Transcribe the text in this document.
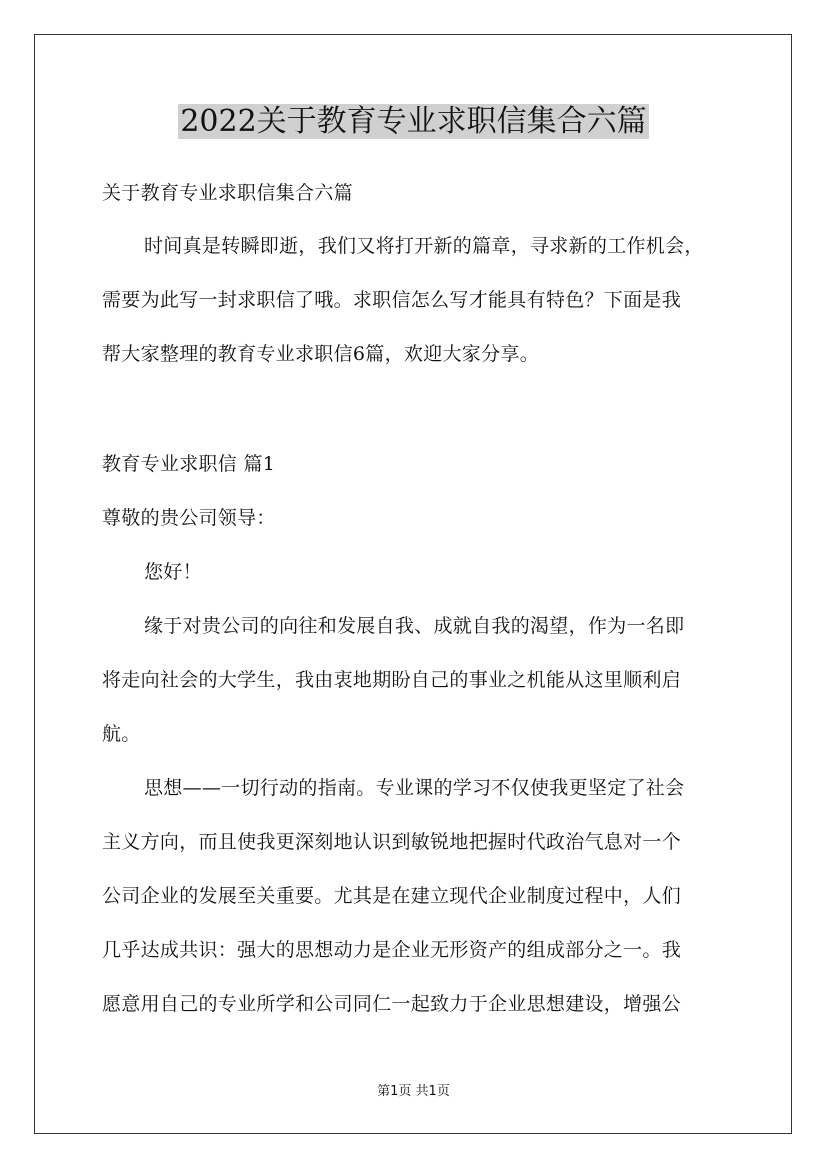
2022关于教育专业求职信集合六篇
关于教育专业求职信集合六篇
时间真是转瞬即逝，我们又将打开新的篇章，寻求新的工作机会，
需要为此写一封求职信了哦。求职信怎么写才能具有特色？下面是我
帮大家整理的教育专业求职信6篇，欢迎大家分享。
教育专业求职信 篇1
尊敬的贵公司领导：
您好！
缘于对贵公司的向往和发展自我、成就自我的渴望，作为一名即
将走向社会的大学生，我由衷地期盼自己的事业之机能从这里顺利启
航。
思想——一切行动的指南。专业课的学习不仅使我更坚定了社会
主义方向，而且使我更深刻地认识到敏锐地把握时代政治气息对一个
公司企业的发展至关重要。尤其是在建立现代企业制度过程中，人们
几乎达成共识：强大的思想动力是企业无形资产的组成部分之一。我
愿意用自己的专业所学和公司同仁一起致力于企业思想建设，增强公
第1页 共1页
